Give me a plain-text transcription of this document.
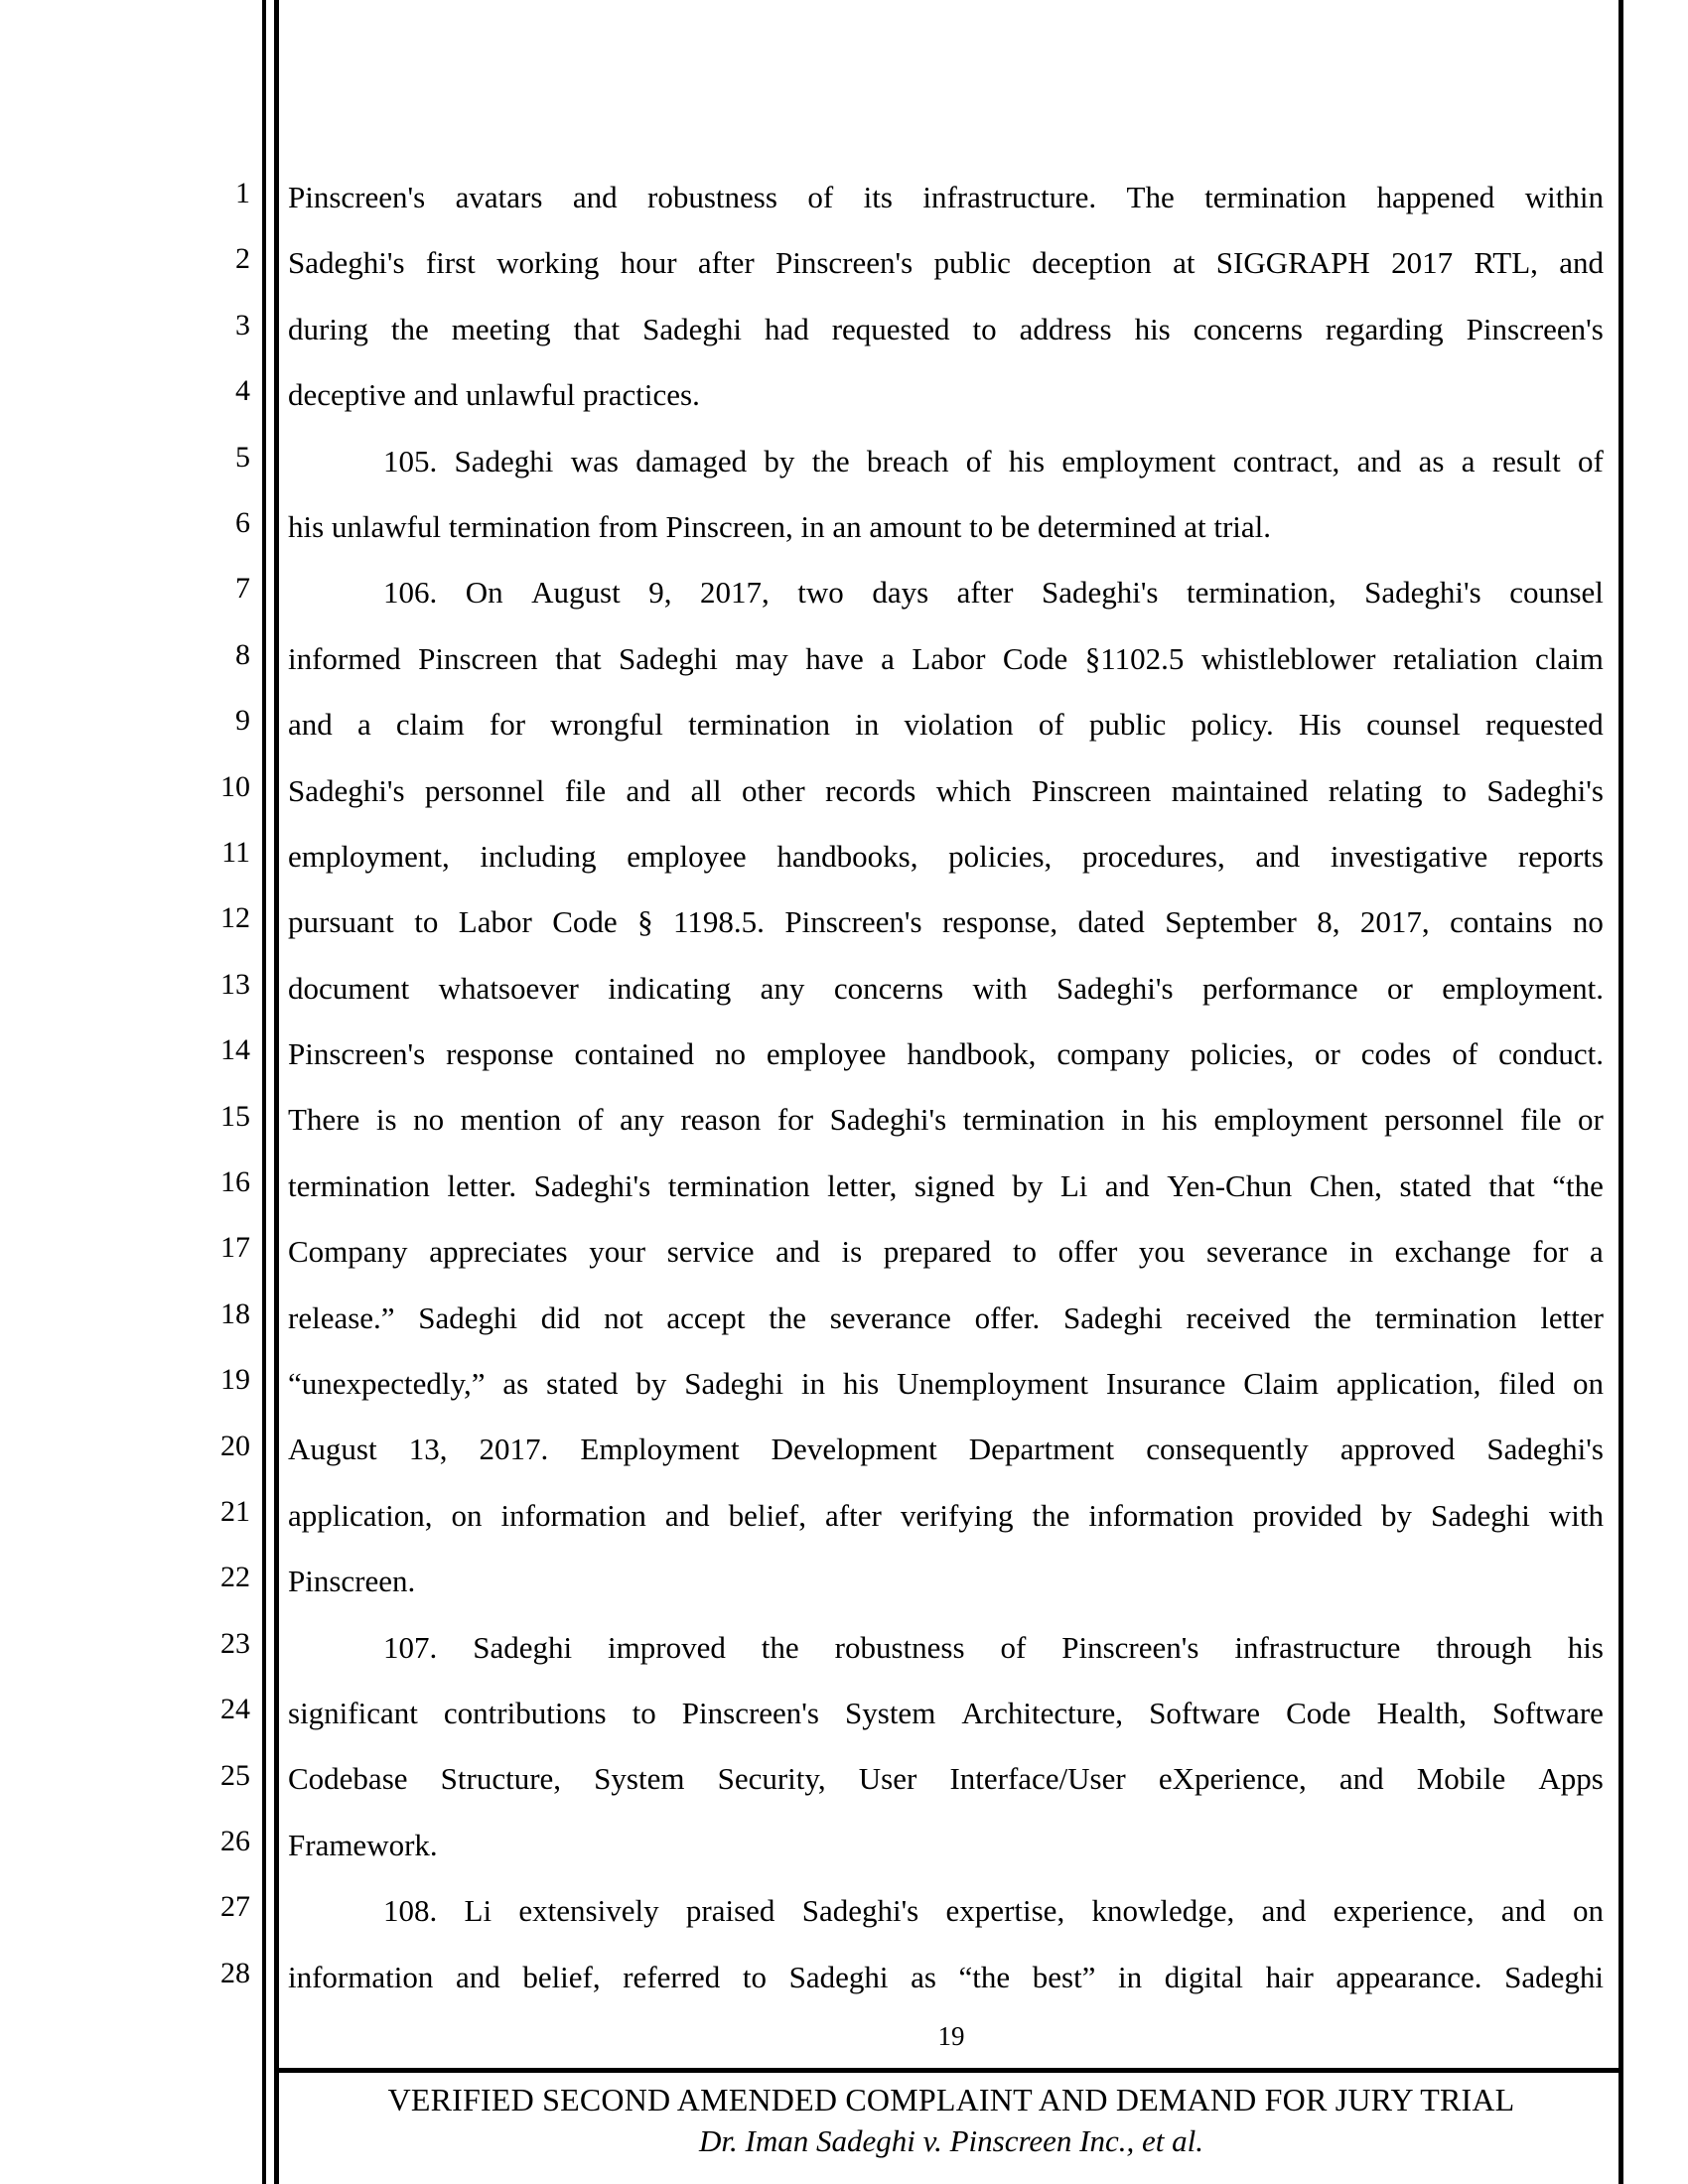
1
2
3
4
5
6
7
8
9
10
11
12
13
14
15
16
17
18
19
20
21
22
23
24
25
26
27
28
Pinscreen's avatars and robustness of its infrastructure. The termination happened within
Sadeghi's first working hour after Pinscreen's public deception at SIGGRAPH 2017 RTL, and
during the meeting that Sadeghi had requested to address his concerns regarding Pinscreen's
deceptive and unlawful practices.
105. Sadeghi was damaged by the breach of his employment contract, and as a result of
his unlawful termination from Pinscreen, in an amount to be determined at trial.
106. On August 9, 2017, two days after Sadeghi's termination, Sadeghi's counsel
informed Pinscreen that Sadeghi may have a Labor Code §1102.5 whistleblower retaliation claim
and a claim for wrongful termination in violation of public policy. His counsel requested
Sadeghi's personnel file and all other records which Pinscreen maintained relating to Sadeghi's
employment, including employee handbooks, policies, procedures, and investigative reports
pursuant to Labor Code § 1198.5. Pinscreen's response, dated September 8, 2017, contains no
document whatsoever indicating any concerns with Sadeghi's performance or employment.
Pinscreen's response contained no employee handbook, company policies, or codes of conduct.
There is no mention of any reason for Sadeghi's termination in his employment personnel file or
termination letter. Sadeghi's termination letter, signed by Li and Yen-Chun Chen, stated that “the
Company appreciates your service and is prepared to offer you severance in exchange for a
release.” Sadeghi did not accept the severance offer. Sadeghi received the termination letter
“unexpectedly,” as stated by Sadeghi in his Unemployment Insurance Claim application, filed on
August 13, 2017. Employment Development Department consequently approved Sadeghi's
application, on information and belief, after verifying the information provided by Sadeghi with
Pinscreen.
107. Sadeghi improved the robustness of Pinscreen's infrastructure through his
significant contributions to Pinscreen's System Architecture, Software Code Health, Software
Codebase Structure, System Security, User Interface/User eXperience, and Mobile Apps
Framework.
108. Li extensively praised Sadeghi's expertise, knowledge, and experience, and on
information and belief, referred to Sadeghi as “the best” in digital hair appearance. Sadeghi
19
VERIFIED SECOND AMENDED COMPLAINT AND DEMAND FOR JURY TRIAL
Dr. Iman Sadeghi v. Pinscreen Inc., et al.
